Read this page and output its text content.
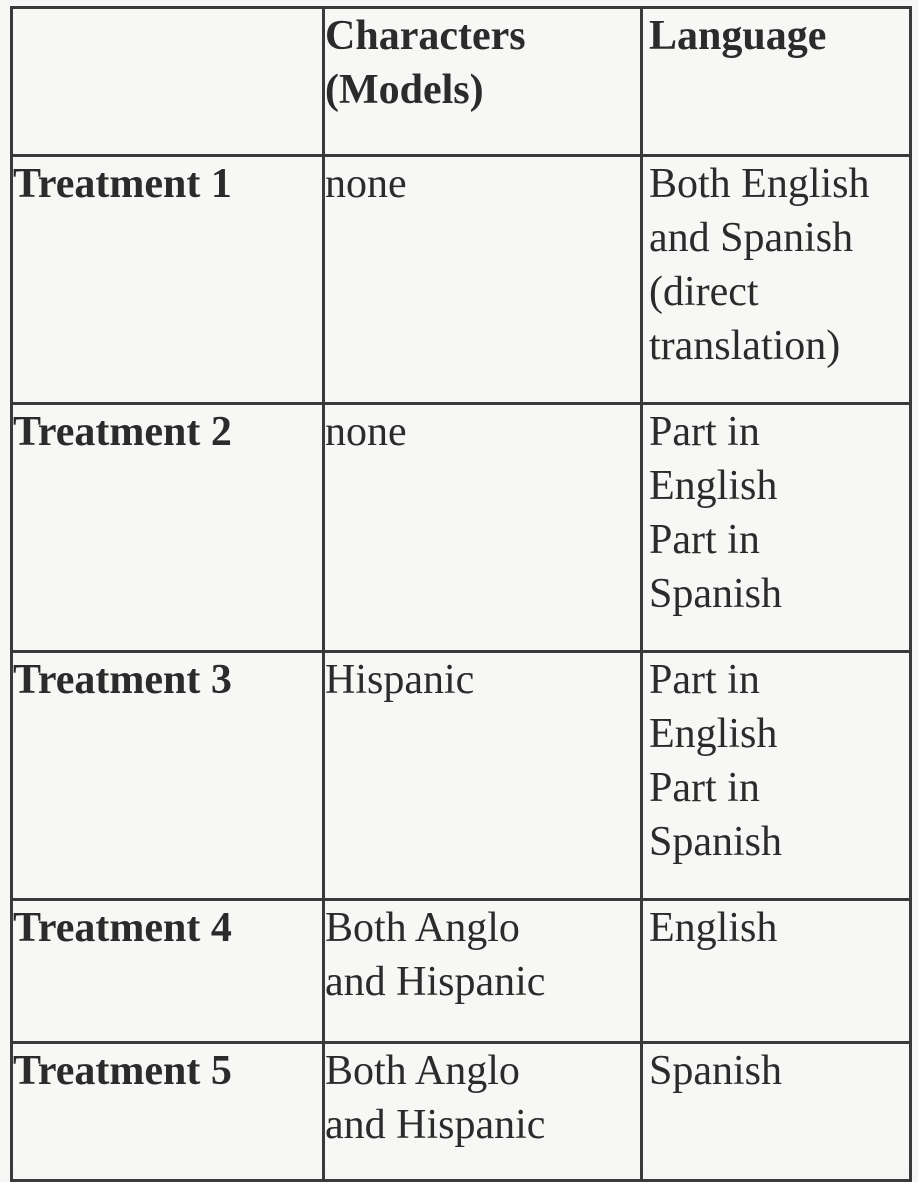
	Characters
(Models)	Language

Treatment 1	none	Both English
and Spanish
(direct
translation)

Treatment 2	none	Part in
English
Part in
Spanish

Treatment 3	Hispanic	Part in
English
Part in
Spanish

Treatment 4	Both Anglo
and Hispanic	English

Treatment 5	Both Anglo
and Hispanic	Spanish
